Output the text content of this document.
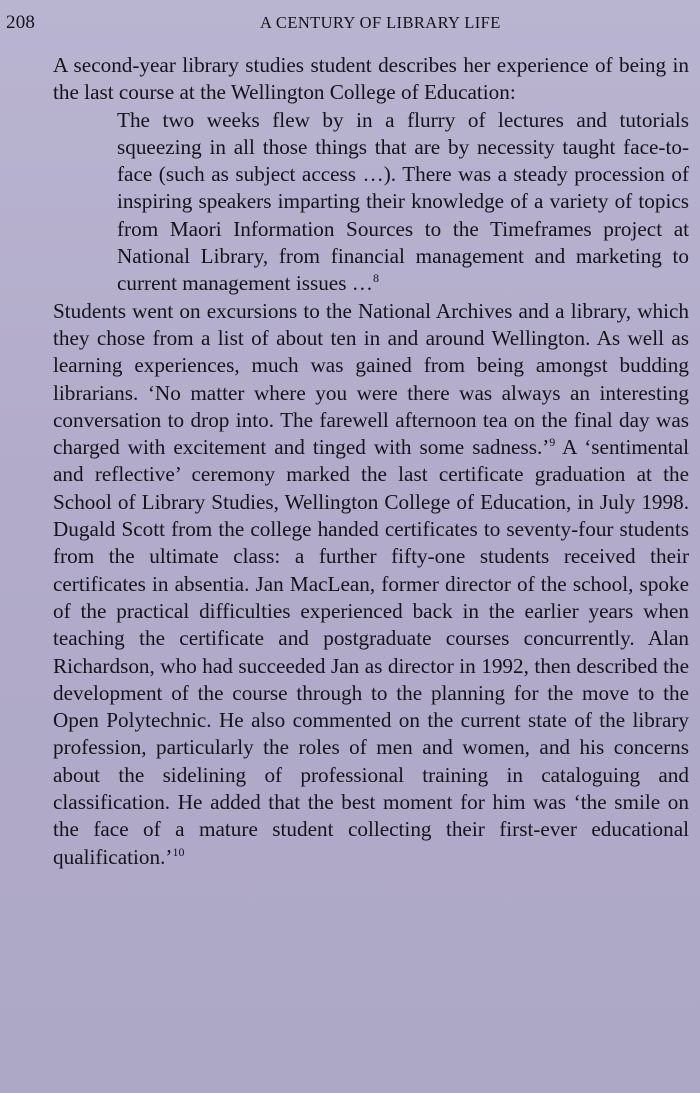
208	A CENTURY OF LIBRARY LIFE

A second-year library studies student describes her experience of being in the last course at the Wellington College of Education:

The two weeks flew by in a flurry of lectures and tutorials squeezing in all those things that are by necessity taught face-to-face (such as subject access …). There was a steady procession of inspiring speakers imparting their knowledge of a variety of topics from Maori Information Sources to the Timeframes project at National Library, from financial management and marketing to current management issues …$^8$

Students went on excursions to the National Archives and a library, which they chose from a list of about ten in and around Wellington. As well as learning experiences, much was gained from being amongst budding librarians. ‘No matter where you were there was always an interesting conversation to drop into. The farewell afternoon tea on the final day was charged with excitement and tinged with some sadness.’$^9$ A ‘sentimental and reflective’ ceremony marked the last certificate graduation at the School of Library Studies, Wellington College of Education, in July 1998. Dugald Scott from the college handed certificates to seventy-four students from the ultimate class: a further fifty-one students received their certificates in absentia. Jan MacLean, former director of the school, spoke of the practical difficulties experienced back in the earlier years when teaching the certificate and postgraduate courses concurrently. Alan Richardson, who had succeeded Jan as director in 1992, then described the development of the course through to the planning for the move to the Open Polytechnic. He also commented on the current state of the library profession, particularly the roles of men and women, and his concerns about the sidelining of professional training in cataloguing and classification. He added that the best moment for him was ‘the smile on the face of a mature student collecting their first-ever educational qualification.’$^{10}$
